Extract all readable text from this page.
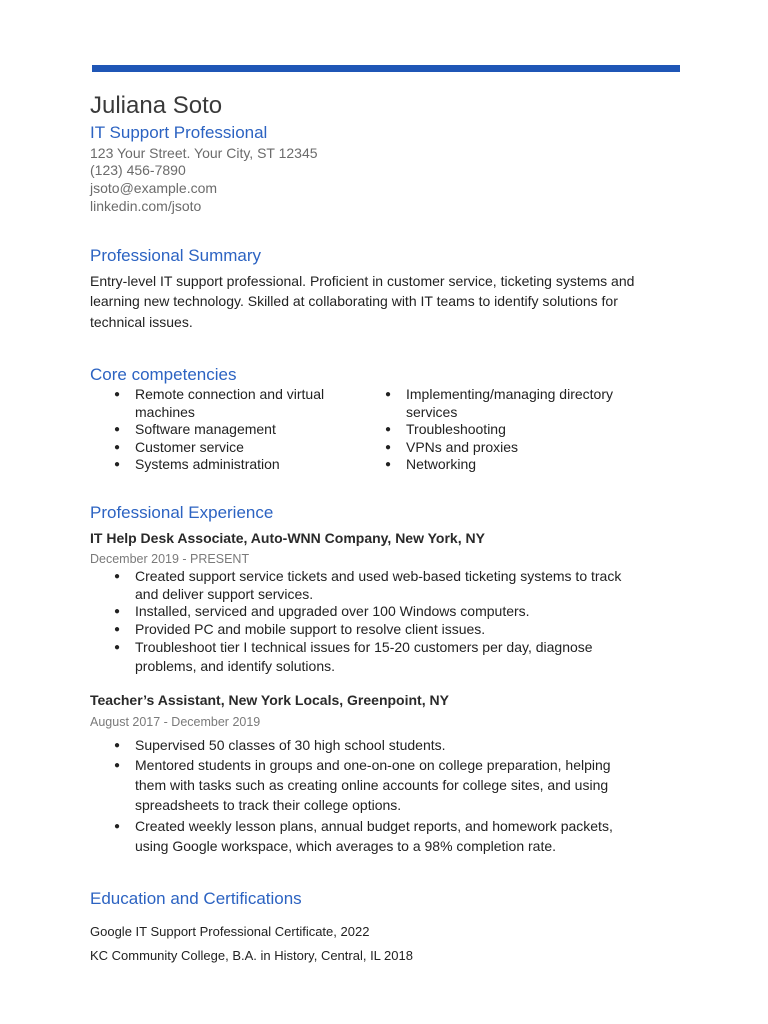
Juliana Soto
IT Support Professional
123 Your Street. Your City, ST 12345
(123) 456-7890
jsoto@example.com
linkedin.com/jsoto
Professional Summary
Entry-level IT support professional. Proficient in customer service, ticketing systems and
learning new technology. Skilled at collaborating with IT teams to identify solutions for
technical issues.
Core competencies
● Remote connection and virtual
machines
● Software management
● Customer service
● Systems administration
● Implementing/managing directory
services
● Troubleshooting
● VPNs and proxies
● Networking
Professional Experience
IT Help Desk Associate, Auto-WNN Company, New York, NY
December 2019 - PRESENT
● Created support service tickets and used web-based ticketing systems to track
and deliver support services.
● Installed, serviced and upgraded over 100 Windows computers.
● Provided PC and mobile support to resolve client issues.
● Troubleshoot tier I technical issues for 15-20 customers per day, diagnose
problems, and identify solutions.
Teacher’s Assistant, New York Locals, Greenpoint, NY
August 2017 - December 2019
● Supervised 50 classes of 30 high school students.
● Mentored students in groups and one-on-one on college preparation, helping
them with tasks such as creating online accounts for college sites, and using
spreadsheets to track their college options.
● Created weekly lesson plans, annual budget reports, and homework packets,
using Google workspace, which averages to a 98% completion rate.
Education and Certifications
Google IT Support Professional Certificate, 2022
KC Community College, B.A. in History, Central, IL 2018
